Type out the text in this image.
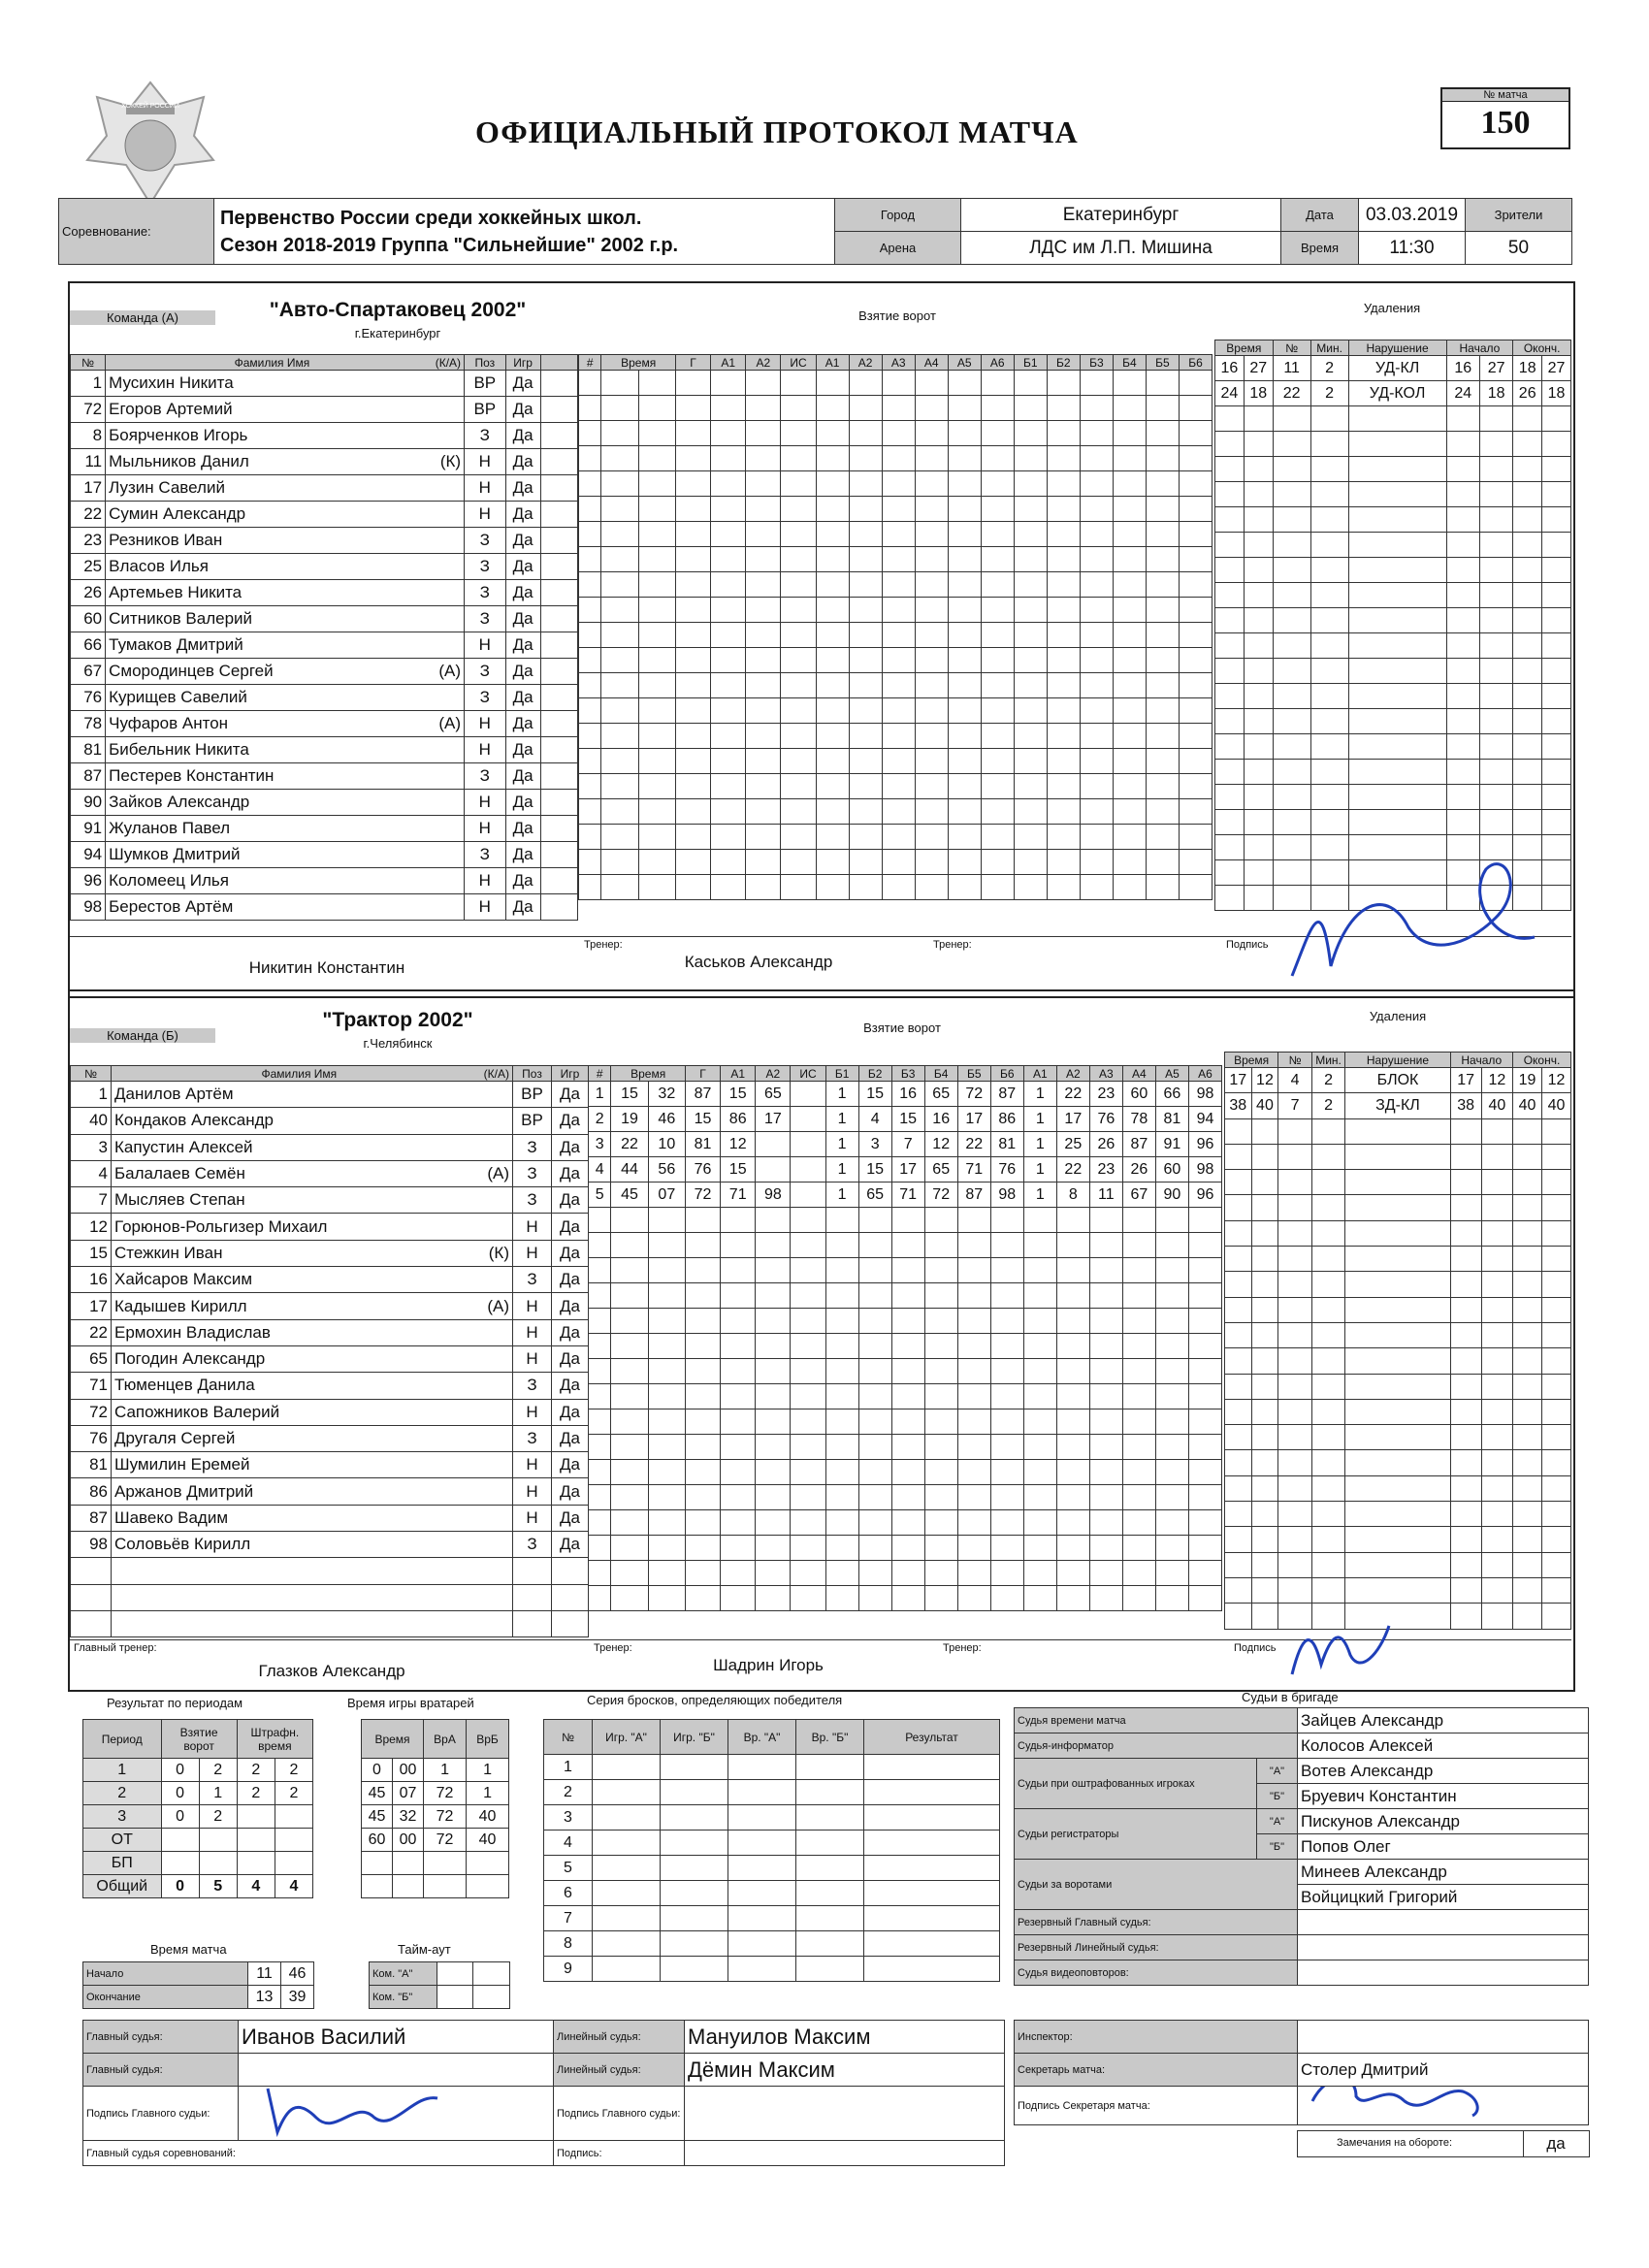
ХОККЕЙ РОССИИ
ОФИЦИАЛЬНЫЙ ПРОТОКОЛ МАТЧА
№ матча
150
Соревнование:	Первенство России среди хоккейных школ.
Сезон 2018-2019 Группа "Сильнейшие" 2002 г.р.	Город	Екатеринбург	Дата	03.03.2019	Зрители
		Арена	ЛДС им Л.П. Мишина	Время	11:30	50
Команда (А)	"Авто-Спартаковец 2002"
г.Екатеринбург
Взятие ворот
Удаления
№	Фамилия Имя (К/А)	Поз	Игр	
1	Мусихин Никита	ВР	Да	
72	Егоров Артемий	ВР	Да	
8	Боярченков Игорь	З	Да	
11	Мыльников Данил (К)	Н	Да	
17	Лузин Савелий	Н	Да	
22	Сумин Александр	Н	Да	
23	Резников Иван	З	Да	
25	Власов Илья	З	Да	
26	Артемьев Никита	З	Да	
60	Ситников Валерий	З	Да	
66	Тумаков Дмитрий	Н	Да	
67	Смородинцев Сергей (А)	З	Да	
76	Курищев Савелий	З	Да	
78	Чуфаров Антон (А)	Н	Да	
81	Бибельник Никита	Н	Да	
87	Пестерев Константин	З	Да	
90	Зайков Александр	Н	Да	
91	Жуланов Павел	Н	Да	
94	Шумков Дмитрий	З	Да	
96	Коломеец Илья	Н	Да	
98	Берестов Артём	Н	Да	
#	Время		Г	А1	А2	ИС	А1	А2	А3	А4	А5	А6	Б1	Б2	Б3	Б4	Б5	Б6

Время		№	Мин.	Нарушение	Начало		Оконч.	
16	27	11	2	УД-КЛ	16	27	18	27
24	18	22	2	УД-КОЛ	24	18	26	18

Тренер:	Тренер:	Подпись
Никитин Константин	Каськов Александр
Команда (Б)
"Трактор 2002"
г.Челябинск
Взятие ворот
Удаления
№	Фамилия Имя (К/А)	Поз	Игр
1	Данилов Артём	ВР	Да
40	Кондаков Александр	ВР	Да
3	Капустин Алексей	З	Да
4	Балалаев Семён (А)	З	Да
7	Мысляев Степан	З	Да
12	Горюнов-Рольгизер Михаил	Н	Да
15	Стежкин Иван (К)	Н	Да
16	Хайсаров Максим	З	Да
17	Кадышев Кирилл (А)	Н	Да
22	Ермохин Владислав	Н	Да
65	Погодин Александр	Н	Да
71	Тюменцев Данила	З	Да
72	Сапожников Валерий	Н	Да
76	Другаля Сергей	З	Да
81	Шумилин Еремей	Н	Да
86	Аржанов Дмитрий	Н	Да
87	Шавеко Вадим	Н	Да
98	Соловьёв Кирилл	З	Да

#	Время		Г	А1	А2	ИС	Б1	Б2	Б3	Б4	Б5	Б6	А1	А2	А3	А4	А5	А6
1	15	32	87	15	65		1	15	16	65	72	87	1	22	23	60	66	98
2	19	46	15	86	17		1	4	15	16	17	86	1	17	76	78	81	94
3	22	10	81	12			1	3	7	12	22	81	1	25	26	87	91	96
4	44	56	76	15			1	15	17	65	71	76	1	22	23	26	60	98
5	45	07	72	71	98		1	65	71	72	87	98	1	8	11	67	90	96

Время		№	Мин.	Нарушение	Начало		Оконч.	
17	12	4	2	БЛОК	17	12	19	12
38	40	7	2	ЗД-КЛ	38	40	40	40

Главный тренер:	Тренер:	Тренер:	Подпись
Глазков Александр	Шадрин Игорь
Результат по периодам
Период	Взятие ворот		Штрафн. время	
1	0	2	2	2
2	0	1	2	2
3	0	2		
ОТ				
БП				
Общий	0	5	4	4
Время игры вратарей
Время		ВрА	ВрБ
0	00	1	1
45	07	72	1
45	32	72	40
60	00	72	40

Время матча
Начало	11	46
Окончание	13	39
Тайм-аут
Ком. "А"		
Ком. "Б"		
Серия бросков, определяющих победителя
№	Игр. "А"	Игр. "Б"	Вр. "А"	Вр. "Б"	Результат
1					
2					
3					
4					
5					
6					
7					
8					
9					
Судьи в бригаде
Судья времени матча		Зайцев Александр
Судья-информатор		Колосов Алексей
Судьи при оштрафованных игроках	"А"	Вотев Александр
	"Б"	Бруевич Константин
Судьи регистраторы	"А"	Пискунов Александр
	"Б"	Попов Олег
Судьи за воротами		Минеев Александр
		Войцицкий Григорий
Резервный Главный судья:		
Резервный Линейный судья:		
Судья видеоповторов:		
Главный судья:	Иванов Василий	Линейный судья:	Мануилов Максим
Главный судья:		Линейный судья:	Дёмин Максим
Подпись Главного судьи:		Подпись Главного судьи:	
Главный судья соревнований:		Подпись:	
Инспектор:	
Секретарь матча:	Столер Дмитрий
Подпись Секретаря матча:	
Замечания на обороте:	да
